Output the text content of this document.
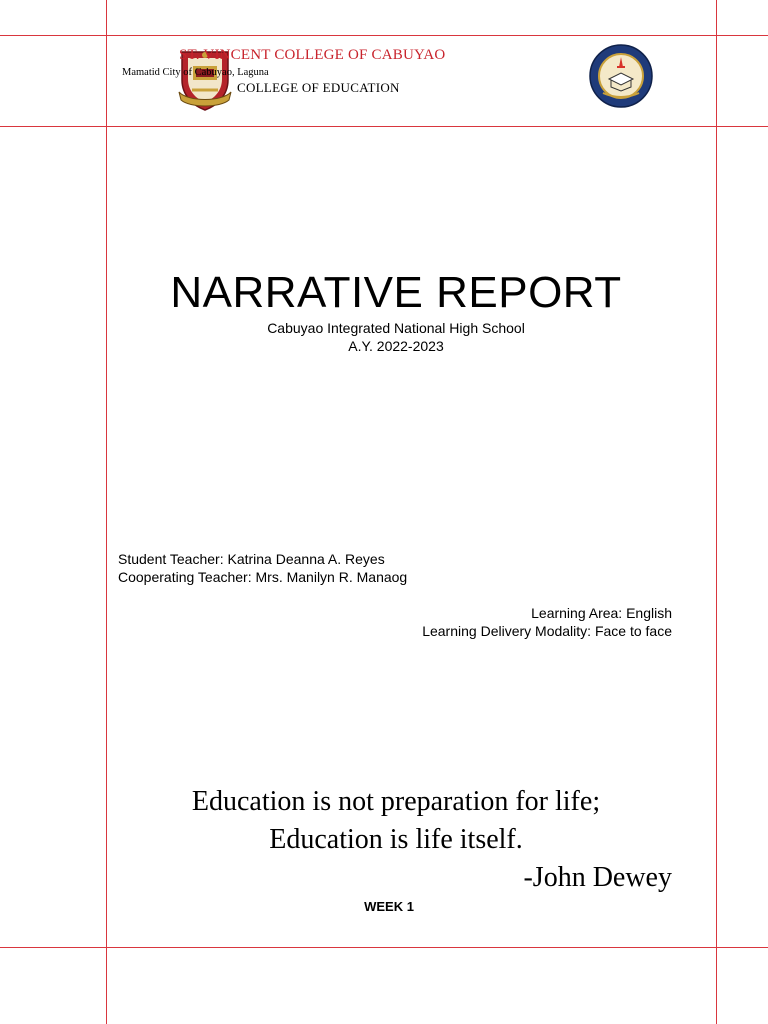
ST. VINCENT COLLEGE OF CABUYAO
Mamatid City of Cabuyao, Laguna
COLLEGE OF EDUCATION
NARRATIVE REPORT
Cabuyao Integrated National High School
A.Y. 2022-2023
Student Teacher: Katrina Deanna A. Reyes
Cooperating Teacher: Mrs. Manilyn R. Manaog
Learning Area: English
Learning Delivery Modality: Face to face
Education is not preparation for life;
Education is life itself.
-John Dewey
WEEK 1
